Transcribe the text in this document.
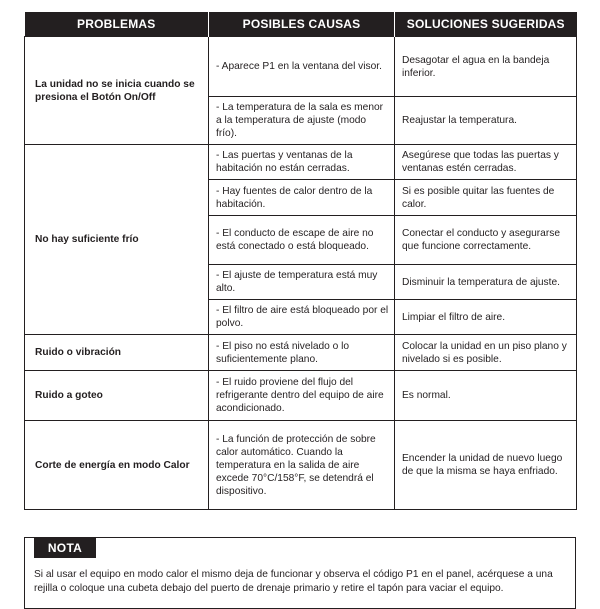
PROBLEMAS	POSIBLES CAUSAS	SOLUCIONES SUGERIDAS
La unidad no se inicia cuando se presiona el Botón On/Off	- Aparece P1 en la ventana del visor.	Desagotar el agua en la bandeja inferior.
	- La temperatura de la sala es menor a la temperatura de ajuste (modo frío).	Reajustar la temperatura.
No hay suficiente frío	- Las puertas y ventanas de la habitación no están cerradas.	Asegúrese que todas las puertas y ventanas estén cerradas.
	- Hay fuentes de calor dentro de la habitación.	Si es posible quitar las fuentes de calor.
	- El conducto de escape de aire no está conectado o está bloqueado.	Conectar el conducto y asegurarse que funcione correctamente.
	- El ajuste de temperatura está muy alto.	Disminuir la temperatura de ajuste.
	- El filtro de aire está bloqueado por el polvo.	Limpiar el filtro de aire.
Ruido o vibración	- El piso no está nivelado o lo suficientemente plano.	Colocar la unidad en un piso plano y nivelado si es posible.
Ruido a goteo	- El ruido proviene del flujo del refrigerante dentro del equipo de aire acondicionado.	Es normal.
Corte de energía en modo Calor	- La función de protección de sobre calor automático. Cuando la temperatura en la salida de aire excede 70°C/158°F, se detendrá el dispositivo.	Encender la unidad de nuevo luego de que la misma se haya enfriado.
NOTA
Si al usar el equipo en modo calor el mismo deja de funcionar y observa el código P1 en el panel, acérquese a una rejilla o coloque una cubeta debajo del puerto de drenaje primario y retire el tapón para vaciar el equipo.
